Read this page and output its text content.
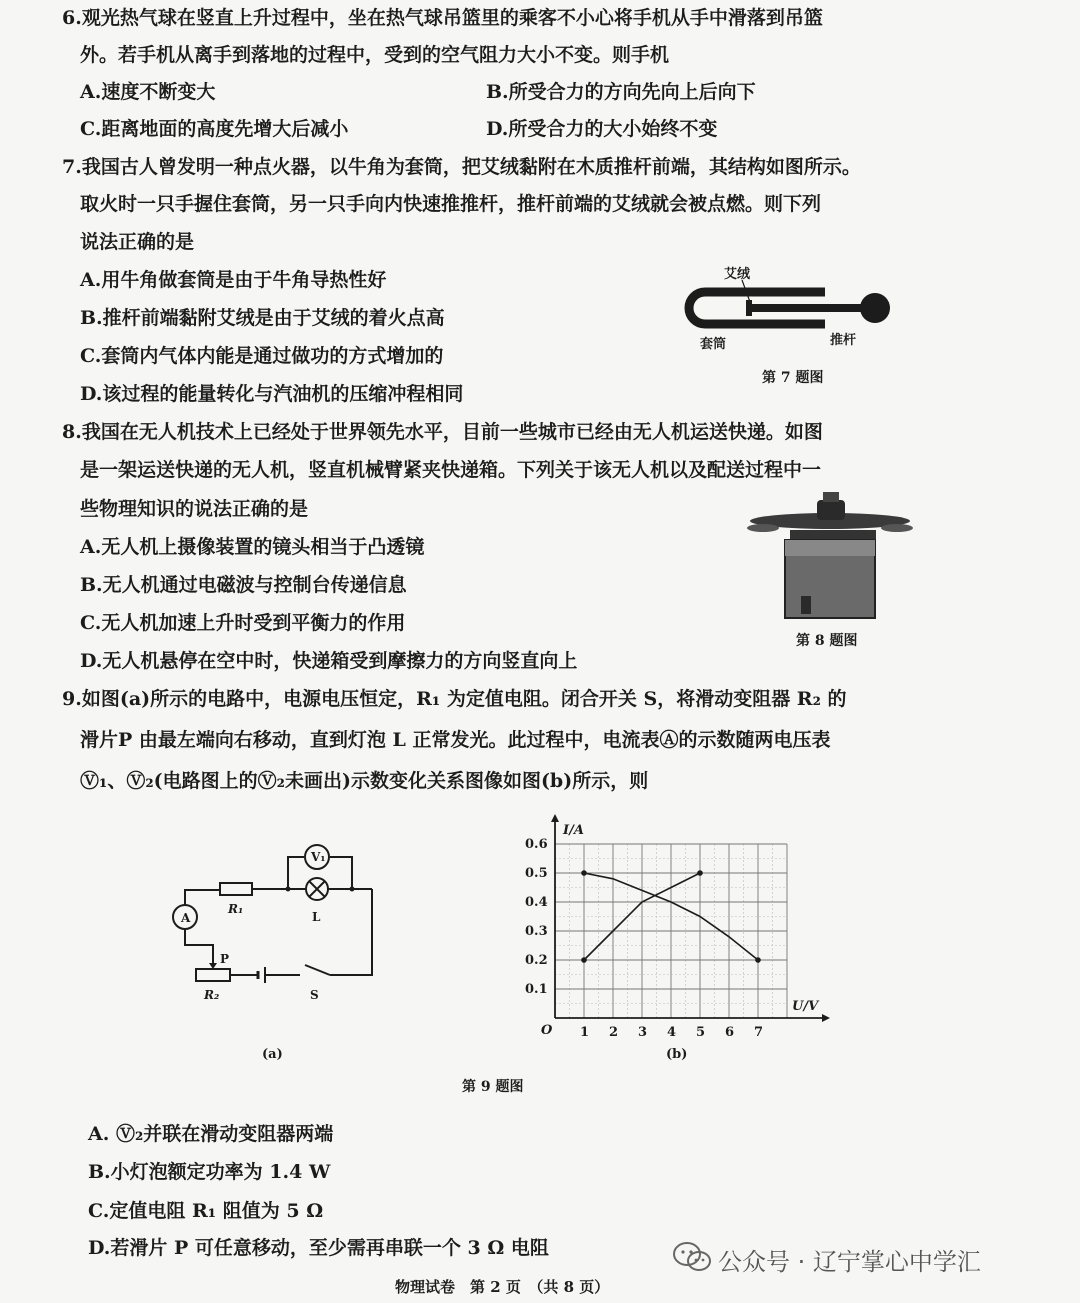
6.观光热气球在竖直上升过程中，坐在热气球吊篮里的乘客不小心将手机从手中滑落到吊篮
外。若手机从离手到落地的过程中，受到的空气阻力大小不变。则手机
A.速度不断变大	B.所受合力的方向先向上后向下
C.距离地面的高度先增大后减小	D.所受合力的大小始终不变
7.我国古人曾发明一种点火器，以牛角为套筒，把艾绒黏附在木质推杆前端，其结构如图所示。
取火时一只手握住套筒，另一只手向内快速推推杆，推杆前端的艾绒就会被点燃。则下列
说法正确的是
A.用牛角做套筒是由于牛角导热性好
B.推杆前端黏附艾绒是由于艾绒的着火点高
C.套筒内气体内能是通过做功的方式增加的
D.该过程的能量转化与汽油机的压缩冲程相同
艾绒
套筒	推杆
第 7 题图
8.我国在无人机技术上已经处于世界领先水平，目前一些城市已经由无人机运送快递。如图
是一架运送快递的无人机，竖直机械臂紧夹快递箱。下列关于该无人机以及配送过程中一
些物理知识的说法正确的是
A.无人机上摄像装置的镜头相当于凸透镜
B.无人机通过电磁波与控制台传递信息
C.无人机加速上升时受到平衡力的作用
D.无人机悬停在空中时，快递箱受到摩擦力的方向竖直向上
第 8 题图
9.如图(a)所示的电路中，电源电压恒定，R₁ 为定值电阻。闭合开关 S，将滑动变阻器 R₂ 的
滑片P 由最左端向右移动，直到灯泡 L 正常发光。此过程中，电流表Ⓐ的示数随两电压表
Ⓥ₁、Ⓥ₂(电路图上的Ⓥ₂未画出)示数变化关系图像如图(b)所示，则
V₁
A
R₁
L
P
R₂	S
(a)
I/A
U/V
O 1 2 3 4 5 6 7
0.1
0.2
0.3
0.4
0.5
0.6
(b)
第 9 题图
A. Ⓥ₂并联在滑动变阻器两端
B.小灯泡额定功率为 1.4 W
C.定值电阻 R₁ 阻值为 5 Ω
D.若滑片 P 可任意移动，至少需再串联一个 3 Ω 电阻	公众号 · 辽宁掌心中学汇
物理试卷　第 2 页　（共 8 页）
